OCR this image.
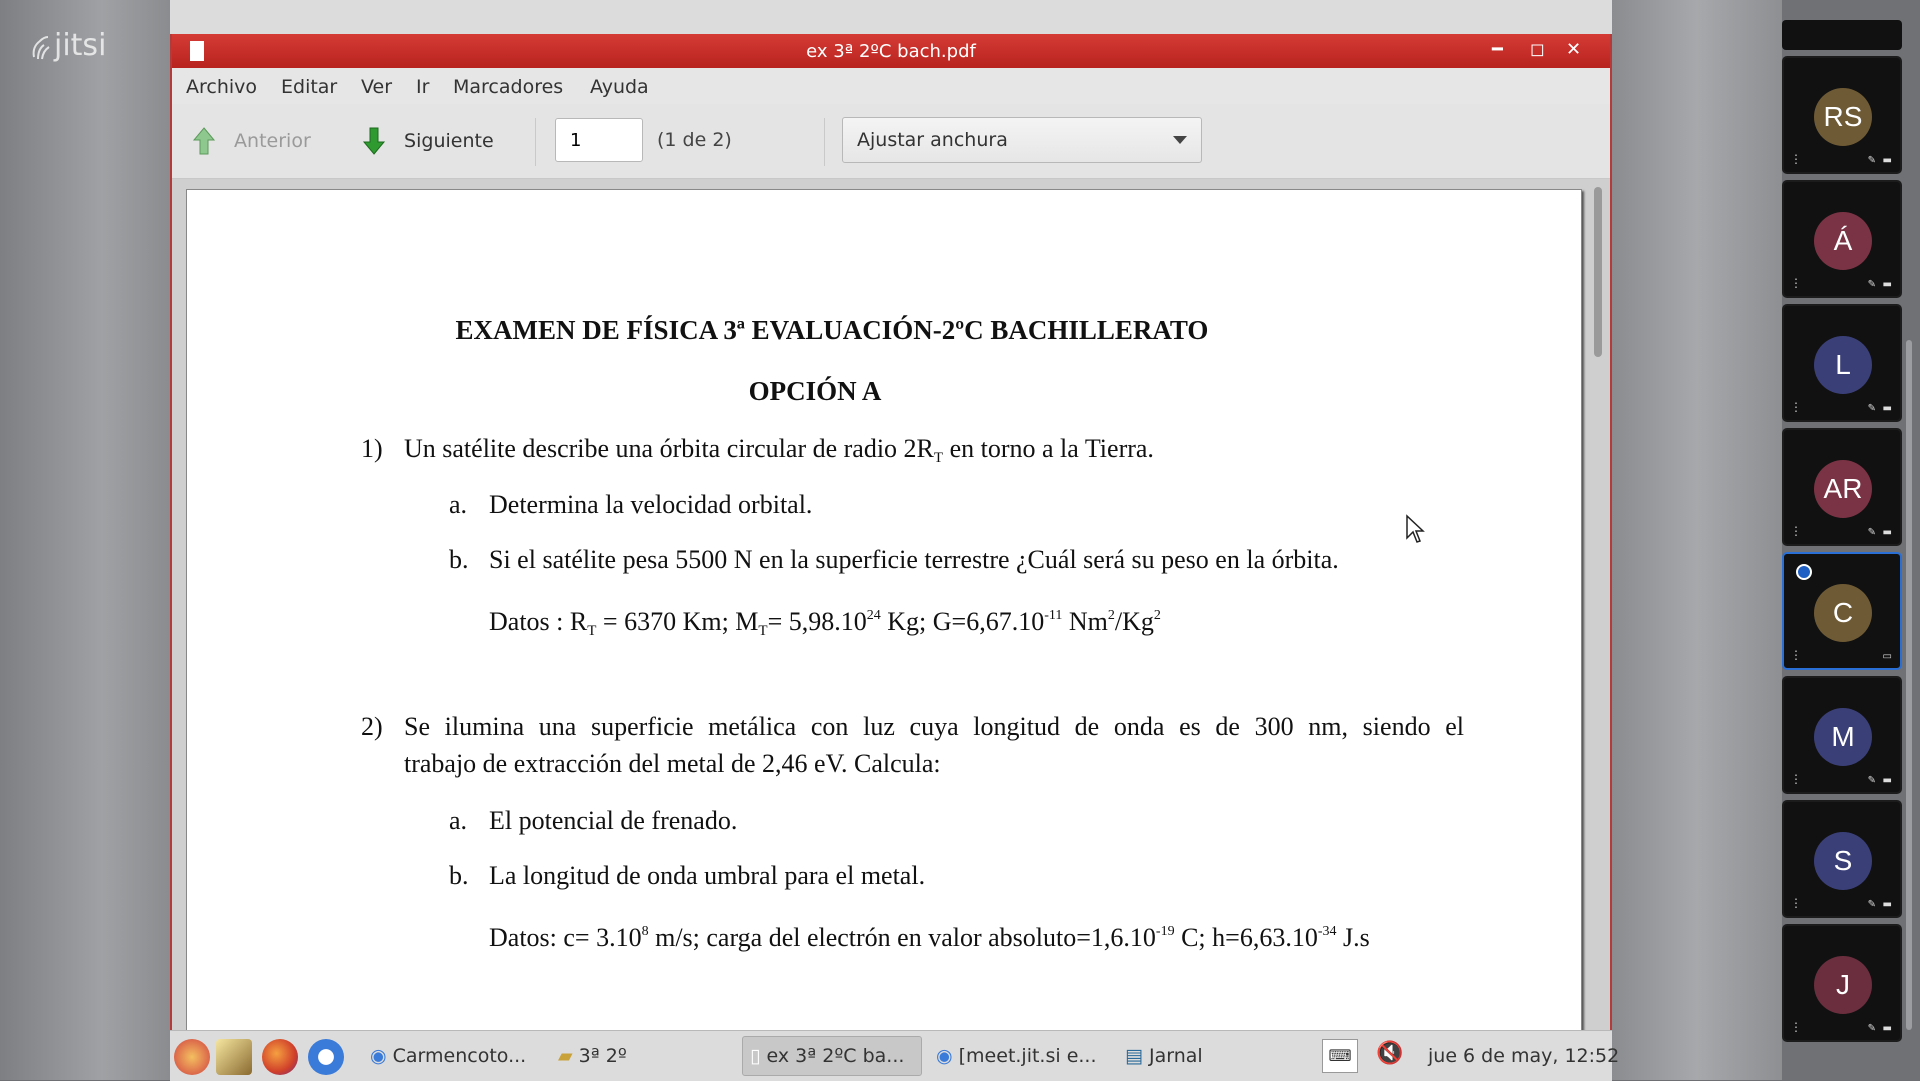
jitsi	ex 3ª 2ºC bach.pdf	━ ◻ ✕
Archivo Editar Ver Ir Marcadores Ayuda
Anterior	Siguiente
1	(1 de 2)	Ajustar anchura
EXAMEN DE FÍSICA 3ª EVALUACIÓN-2ºC BACHILLERATO
OPCIÓN A
1) Un satélite describe una órbita circular de radio $2R_T$ en torno a la Tierra.
a. Determina la velocidad orbital.
b. Si el satélite pesa 5500 N en la superficie terrestre ¿Cuál será su peso en la órbita.
Datos : $R_T = 6370$ Km; $M_T= 5,98.10^{24}$ Kg; $G=6,67.10^{-11}$ Nm$^2$/Kg$^2$
2) Se ilumina una superficie metálica con luz cuya longitud de onda es de 300 nm, siendo el
trabajo de extracción del metal de 2,46 eV. Calcula:
a. El potencial de frenado.
b. La longitud de onda umbral para el metal.
Datos: $c= 3.10^8$ m/s; carga del electrón en valor $absoluto=1,6.10^{-19}$ C; $h=6,63.10^{-34}$ J.s
◉ Carmencoto... ▰ 3ª 2º	▯ ex 3ª 2ºC ba... ◉ [meet.jit.si e... ▤ Jarnal	⌨ 🔇 jue 6 de may, 12:52
RS
⋮	✎ ▬
Á
⋮	✎ ▬
L
⋮	✎ ▬
AR
⋮	✎ ▬
C
⋮	▭
M
⋮	✎ ▬
S
⋮	✎ ▬
J
⋮	✎ ▬
